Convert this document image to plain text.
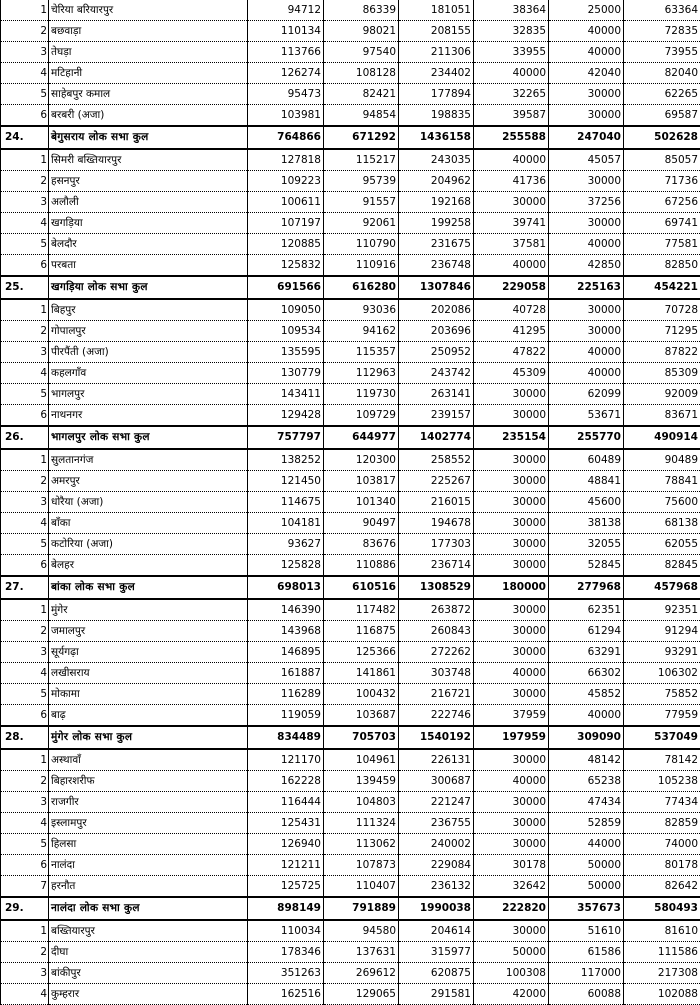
1	चेरिया बरियारपुर	94712	86339	181051	38364	25000	63364
2	बछवाड़ा	110134	98021	208155	32835	40000	72835
3	तेघड़ा	113766	97540	211306	33955	40000	73955
4	मटिहानी	126274	108128	234402	40000	42040	82040
5	साहेबपुर कमाल	95473	82421	177894	32265	30000	62265
6	बरबरी (अजा)	103981	94854	198835	39587	30000	69587
24.	बेगुसराय लोक सभा कुल	764866	671292	1436158	255588	247040	502628
1	सिमरी बख्तियारपुर	127818	115217	243035	40000	45057	85057
2	हसनपुर	109223	95739	204962	41736	30000	71736
3	अलौली	100611	91557	192168	30000	37256	67256
4	खगड़िया	107197	92061	199258	39741	30000	69741
5	बेलदौर	120885	110790	231675	37581	40000	77581
6	परबता	125832	110916	236748	40000	42850	82850
25.	खगड़िया लोक सभा कुल	691566	616280	1307846	229058	225163	454221
1	बिहपुर	109050	93036	202086	40728	30000	70728
2	गोपालपुर	109534	94162	203696	41295	30000	71295
3	पीरपैंती (अजा)	135595	115357	250952	47822	40000	87822
4	कहलगाँव	130779	112963	243742	45309	40000	85309
5	भागलपुर	143411	119730	263141	30000	62099	92009
6	नाथनगर	129428	109729	239157	30000	53671	83671
26.	भागलपुर लोक सभा कुल	757797	644977	1402774	235154	255770	490914
1	सुलतानगंज	138252	120300	258552	30000	60489	90489
2	अमरपुर	121450	103817	225267	30000	48841	78841
3	धोरैया (अजा)	114675	101340	216015	30000	45600	75600
4	बाँका	104181	90497	194678	30000	38138	68138
5	कटोरिया (अजा)	93627	83676	177303	30000	32055	62055
6	बेलहर	125828	110886	236714	30000	52845	82845
27.	बांका लोक सभा कुल	698013	610516	1308529	180000	277968	457968
1	मुंगेर	146390	117482	263872	30000	62351	92351
2	जमालपुर	143968	116875	260843	30000	61294	91294
3	सूर्यगढ़ा	146895	125366	272262	30000	63291	93291
4	लखीसराय	161887	141861	303748	40000	66302	106302
5	मोकामा	116289	100432	216721	30000	45852	75852
6	बाढ़	119059	103687	222746	37959	40000	77959
28.	मुंगेर लोक सभा कुल	834489	705703	1540192	197959	309090	537049
1	अस्थावाँ	121170	104961	226131	30000	48142	78142
2	बिहारशरीफ	162228	139459	300687	40000	65238	105238
3	राजगीर	116444	104803	221247	30000	47434	77434
4	इस्लामपुर	125431	111324	236755	30000	52859	82859
5	हिलसा	126940	113062	240002	30000	44000	74000
6	नालंदा	121211	107873	229084	30178	50000	80178
7	हरनौत	125725	110407	236132	32642	50000	82642
29.	नालंदा लोक सभा कुल	898149	791889	1990038	222820	357673	580493
1	बख्तियारपुर	110034	94580	204614	30000	51610	81610
2	दीघा	178346	137631	315977	50000	61586	111586
3	बांकीपुर	351263	269612	620875	100308	117000	217308
4	कुम्हरार	162516	129065	291581	42000	60088	102088
